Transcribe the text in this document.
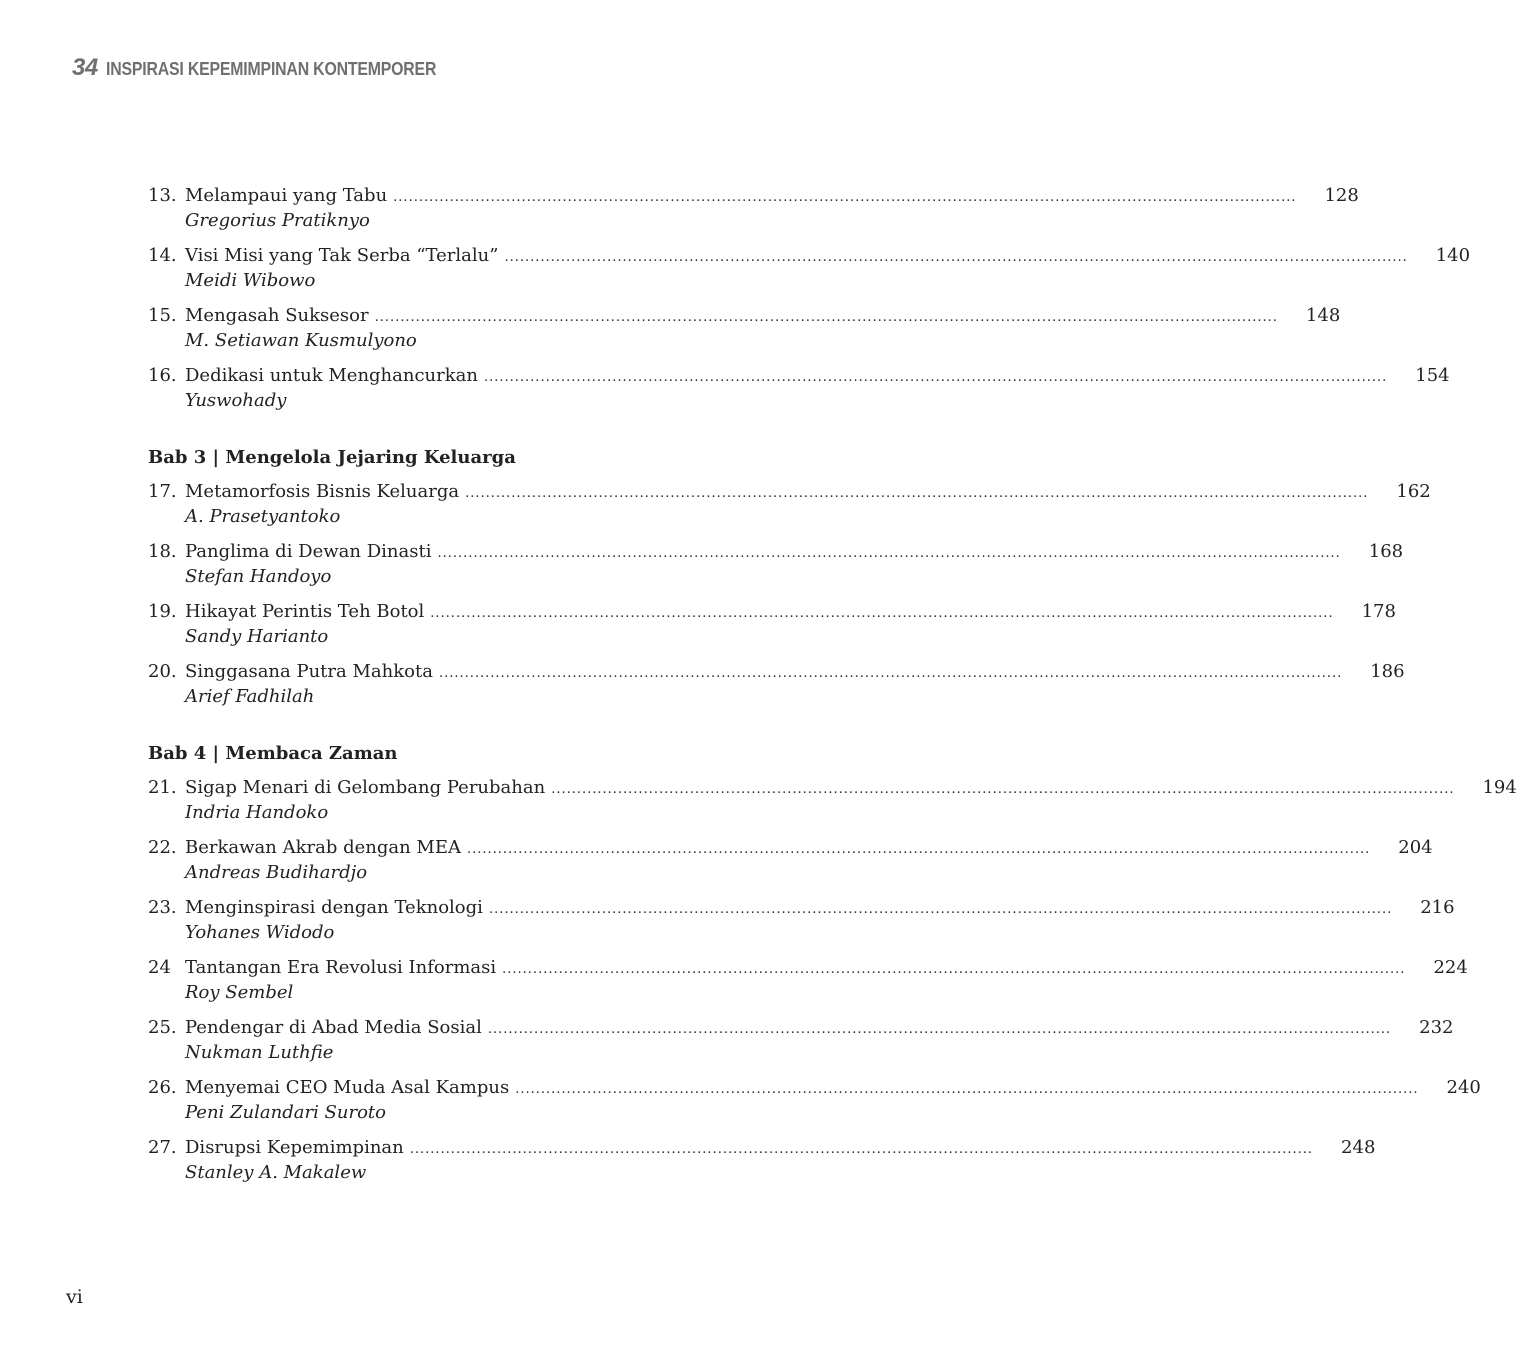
34 INSPIRASI KEPEMIMPINAN KONTEMPORER
13. Melampaui yang Tabu .....	128
Gregorius Pratiknyo
14. Visi Misi yang Tak Serba “Terlalu” .....	140
Meidi Wibowo
15. Mengasah Suksesor .....	148
M. Setiawan Kusmulyono
16. Dedikasi untuk Menghancurkan .....	154
Yuswohady
Bab 3 | Mengelola Jejaring Keluarga
17. Metamorfosis Bisnis Keluarga .....	162
A. Prasetyantoko
18. Panglima di Dewan Dinasti .....	168
Stefan Handoyo
19. Hikayat Perintis Teh Botol .....	178
Sandy Harianto
20. Singgasana Putra Mahkota .....	186
Arief Fadhilah
Bab 4 | Membaca Zaman
21. Sigap Menari di Gelombang Perubahan .....	194
Indria Handoko
22. Berkawan Akrab dengan MEA .....	204
Andreas Budihardjo
23. Menginspirasi dengan Teknologi .....	216
Yohanes Widodo
24 Tantangan Era Revolusi Informasi .....	224
Roy Sembel
25. Pendengar di Abad Media Sosial .....	232
Nukman Luthfie
26. Menyemai CEO Muda Asal Kampus .....	240
Peni Zulandari Suroto
27. Disrupsi Kepemimpinan .....	248
Stanley A. Makalew
vi
